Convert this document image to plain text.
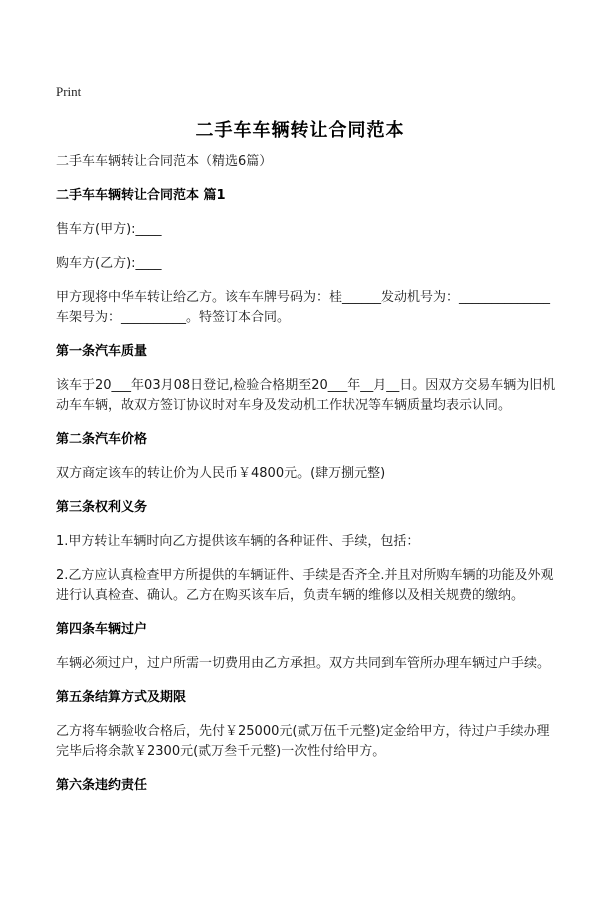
Print
二手车车辆转让合同范本

二手车车辆转让合同范本（精选6篇）

二手车车辆转让合同范本 篇1

售车方(甲方):____

购车方(乙方):____

甲方现将中华车转让给乙方。该车车牌号码为：桂______发动机号为：______________车架号为：__________。特签订本合同。

第一条汽车质量

该车于20___年03月08日登记,检验合格期至20___年__月__日。因双方交易车辆为旧机动车车辆，故双方签订协议时对车身及发动机工作状况等车辆质量均表示认同。

第二条汽车价格

双方商定该车的转让价为人民币￥4800元。(肆万捌元整)

第三条权利义务

1.甲方转让车辆时向乙方提供该车辆的各种证件、手续，包括：

2.乙方应认真检查甲方所提供的车辆证件、手续是否齐全.并且对所购车辆的功能及外观进行认真检查、确认。乙方在购买该车后，负责车辆的维修以及相关规费的缴纳。

第四条车辆过户

车辆必须过户，过户所需一切费用由乙方承担。双方共同到车管所办理车辆过户手续。

第五条结算方式及期限

乙方将车辆验收合格后，先付￥25000元(贰万伍千元整)定金给甲方，待过户手续办理完毕后将余款￥2300元(贰万叁千元整)一次性付给甲方。

第六条违约责任
